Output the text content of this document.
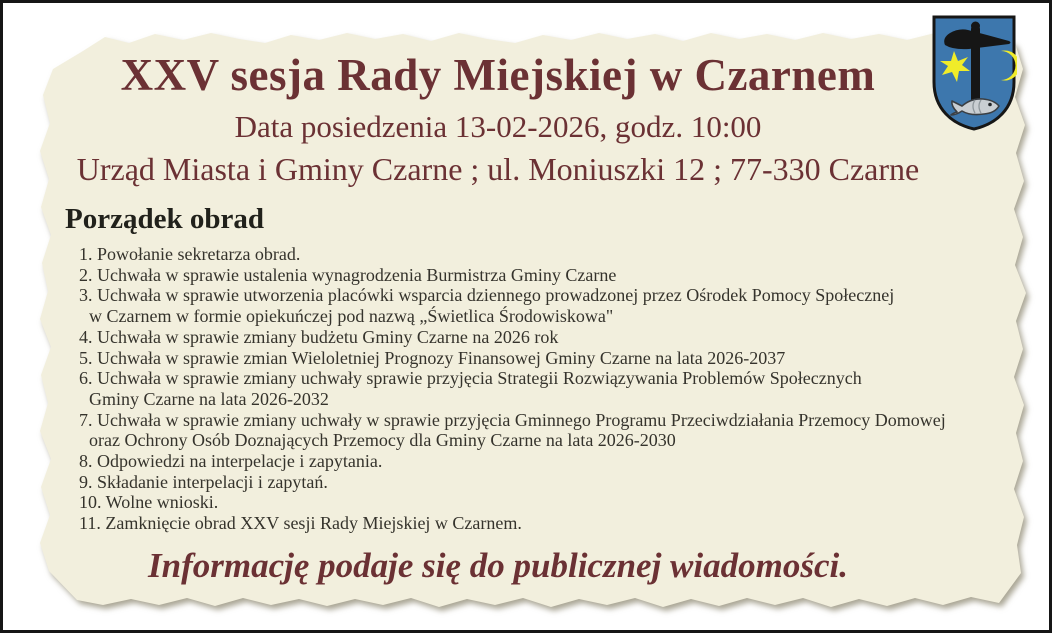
XXV sesja Rady Miejskiej w Czarnem
Data posiedzenia 13-02-2026, godz. 10:00
Urząd Miasta i Gminy Czarne ; ul. Moniuszki 12 ; 77-330 Czarne
Porządek obrad
1. Powołanie sekretarza obrad.
2. Uchwała w sprawie ustalenia wynagrodzenia Burmistrza Gminy Czarne
3. Uchwała w sprawie utworzenia placówki wsparcia dziennego prowadzonej przez Ośrodek Pomocy Społecznej
w Czarnem w formie opiekuńczej pod nazwą „Świetlica Środowiskowa"
4. Uchwała w sprawie zmiany budżetu Gminy Czarne na 2026 rok
5. Uchwała w sprawie zmian Wieloletniej Prognozy Finansowej Gminy Czarne na lata 2026-2037
6. Uchwała w sprawie zmiany uchwały sprawie przyjęcia Strategii Rozwiązywania Problemów Społecznych
Gminy Czarne na lata 2026-2032
7. Uchwała w sprawie zmiany uchwały w sprawie przyjęcia Gminnego Programu Przeciwdziałania Przemocy Domowej
oraz Ochrony Osób Doznających Przemocy dla Gminy Czarne na lata 2026-2030
8. Odpowiedzi na interpelacje i zapytania.
9. Składanie interpelacji i zapytań.
10. Wolne wnioski.
11. Zamknięcie obrad XXV sesji Rady Miejskiej w Czarnem.
Informację podaje się do publicznej wiadomości.
